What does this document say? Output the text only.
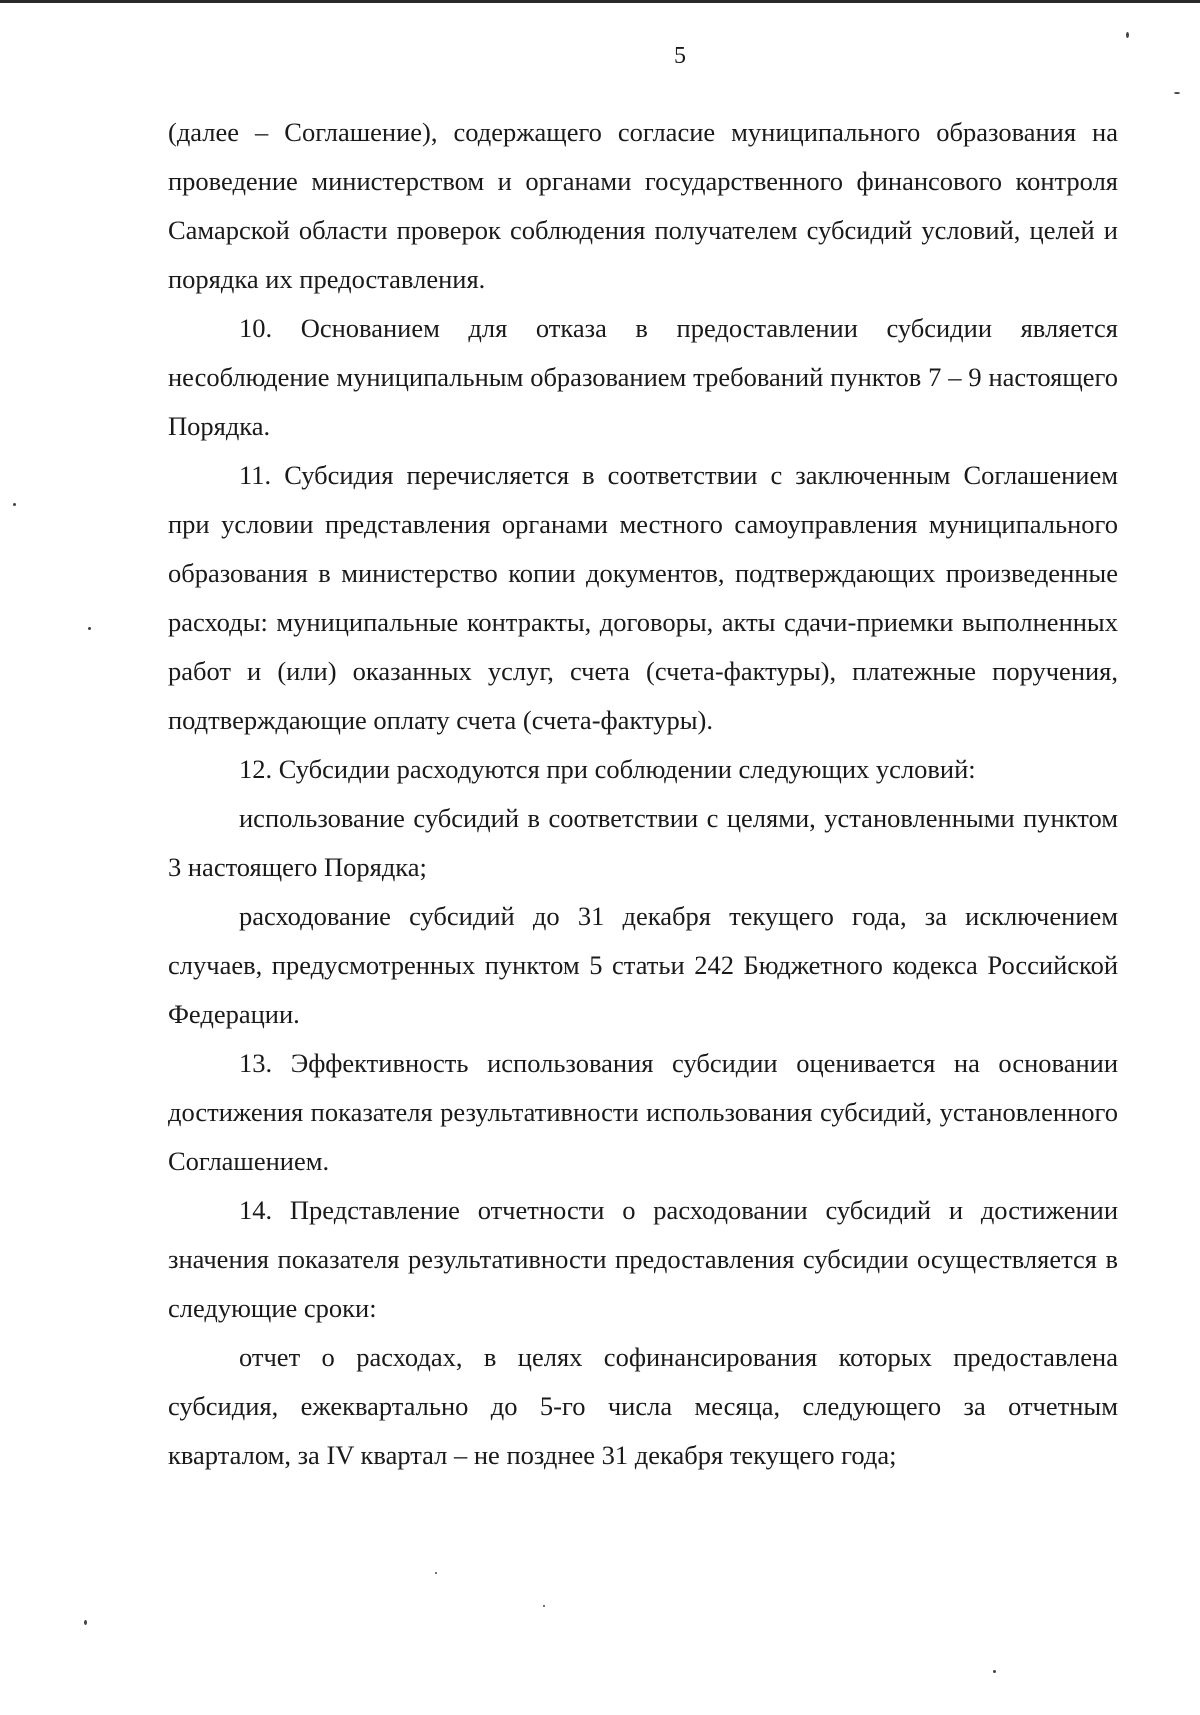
5

(далее – Соглашение), содержащего согласие муниципального образования на проведение министерством и органами государственного финансового контроля Самарской области проверок соблюдения получателем субсидий условий, целей и порядка их предоставления.

10. Основанием для отказа в предоставлении субсидии является несоблюдение муниципальным образованием требований пунктов 7 – 9 настоящего Порядка.

11. Субсидия перечисляется в соответствии с заключенным Соглашением при условии представления органами местного самоуправления муниципального образования в министерство копии документов, подтверждающих произведенные расходы: муниципальные контракты, договоры, акты сдачи-приемки выполненных работ и (или) оказанных услуг, счета (счета-фактуры), платежные поручения, подтверждающие оплату счета (счета-фактуры).

12. Субсидии расходуются при соблюдении следующих условий:

использование субсидий в соответствии с целями, установленными пунктом 3 настоящего Порядка;

расходование субсидий до 31 декабря текущего года, за исключением случаев, предусмотренных пунктом 5 статьи 242 Бюджетного кодекса Российской Федерации.

13. Эффективность использования субсидии оценивается на основании достижения показателя результативности использования субсидий, установленного Соглашением.

14. Представление отчетности о расходовании субсидий и достижении значения показателя результативности предоставления субсидии осуществляется в следующие сроки:

отчет о расходах, в целях софинансирования которых предоставлена субсидия, ежеквартально до 5-го числа месяца, следующего за отчетным кварталом, за IV квартал – не позднее 31 декабря текущего года;
